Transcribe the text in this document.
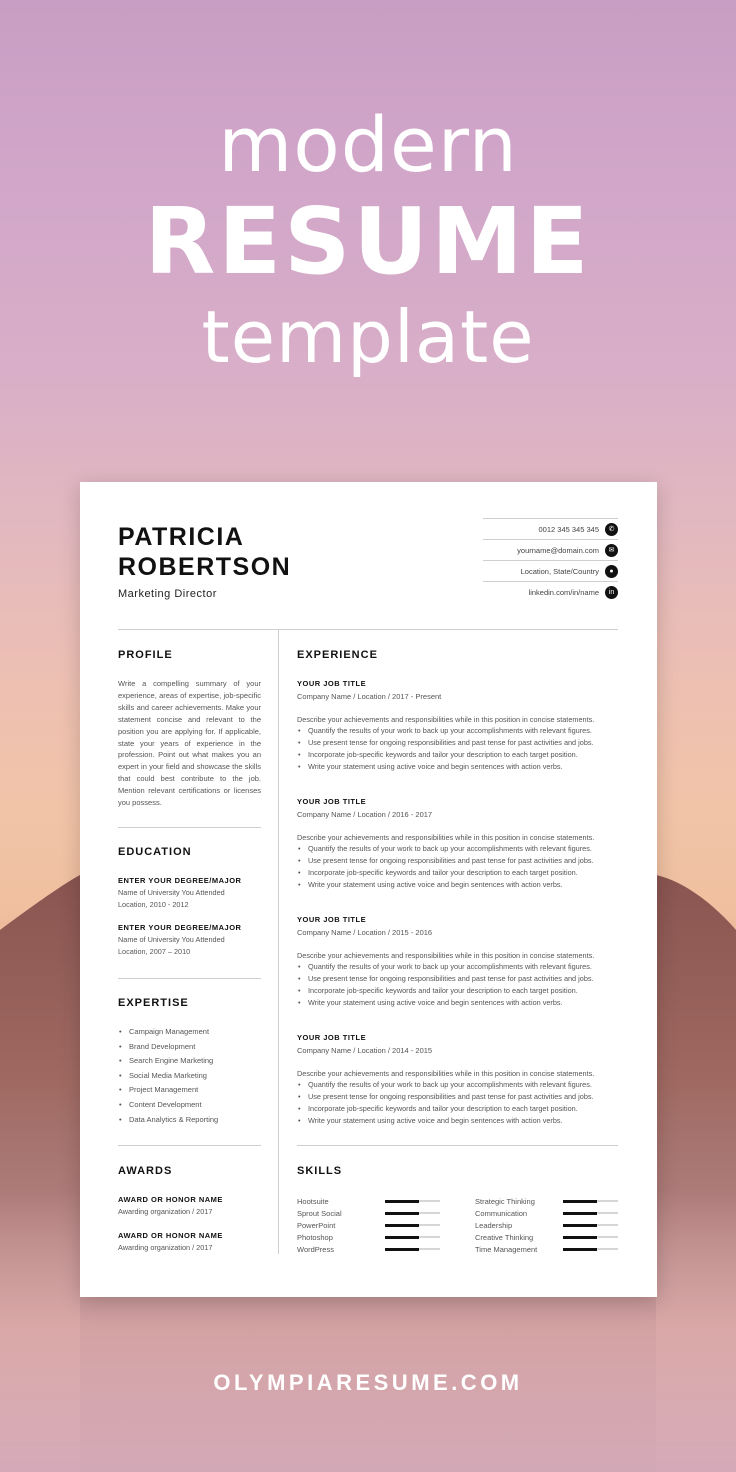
modern
RESUME
template
PATRICIA
ROBERTSON
Marketing Director
0012 345 345 345	✆
yourname@domain.com	✉
Location, State/Country	●
linkedin.com/in/name	in
PROFILE
Write a compelling summary of your experience, areas of expertise, job-specific skills and career achievements. Make your statement concise and relevant to the position you are applying for. If applicable, state your years of experience in the profession. Point out what makes you an expert in your field and showcase the skills that could best contribute to the job. Mention relevant certifications or licenses you possess.
EDUCATION
ENTER YOUR DEGREE/MAJOR
Name of University You Attended
Location, 2010 - 2012
ENTER YOUR DEGREE/MAJOR
Name of University You Attended
Location, 2007 – 2010
EXPERTISE
• Campaign Management
• Brand Development
• Search Engine Marketing
• Social Media Marketing
• Project Management
• Content Development
• Data Analytics & Reporting
AWARDS
AWARD OR HONOR NAME
Awarding organization / 2017
AWARD OR HONOR NAME
Awarding organization / 2017
EXPERIENCE
YOUR JOB TITLE
Company Name / Location / 2017 - Present
Describe your achievements and responsibilities while in this position in concise statements.
• Quantify the results of your work to back up your accomplishments with relevant figures.
• Use present tense for ongoing responsibilities and past tense for past activities and jobs.
• Incorporate job-specific keywords and tailor your description to each target position.
• Write your statement using active voice and begin sentences with action verbs.
YOUR JOB TITLE
Company Name / Location / 2016 - 2017
Describe your achievements and responsibilities while in this position in concise statements.
• Quantify the results of your work to back up your accomplishments with relevant figures.
• Use present tense for ongoing responsibilities and past tense for past activities and jobs.
• Incorporate job-specific keywords and tailor your description to each target position.
• Write your statement using active voice and begin sentences with action verbs.
YOUR JOB TITLE
Company Name / Location / 2015 - 2016
Describe your achievements and responsibilities while in this position in concise statements.
• Quantify the results of your work to back up your accomplishments with relevant figures.
• Use present tense for ongoing responsibilities and past tense for past activities and jobs.
• Incorporate job-specific keywords and tailor your description to each target position.
• Write your statement using active voice and begin sentences with action verbs.
YOUR JOB TITLE
Company Name / Location / 2014 - 2015
Describe your achievements and responsibilities while in this position in concise statements.
• Quantify the results of your work to back up your accomplishments with relevant figures.
• Use present tense for ongoing responsibilities and past tense for past activities and jobs.
• Incorporate job-specific keywords and tailor your description to each target position.
• Write your statement using active voice and begin sentences with action verbs.
SKILLS
Hootsuite
Sprout Social
PowerPoint
Photoshop
WordPress
Strategic Thinking
Communication
Leadership
Creative Thinking
Time Management
OLYMPIARESUME.COM
